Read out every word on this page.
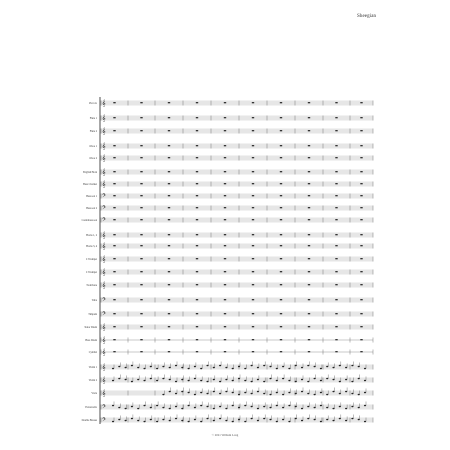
Sheegian
Piccolo
Flute 1
Flute 2
Oboe 1
Oboe 2
English Horn
Bass Clarinet
Bassoon 1
Bassoon 2
Contrabassoon
Horns 1, 2
Horns 3, 4
C Trumpet
C Trumpet
Trombone
Tuba
Timpani
Tenor Drum
Bass Drum
Cymbal
Violin 1
Violin 2
Viola
Violoncello
Double Basses
𝄞
𝄞
𝄞
𝄞
𝄞
𝄞
𝄞
𝄢
𝄢
𝄢
𝄞
𝄞
𝄞
𝄞
𝄞
𝄢
𝄢
𝄞
𝄞
𝄞
𝄞
𝄞
𝄞
𝄢
𝄢
© 2021 William Long
